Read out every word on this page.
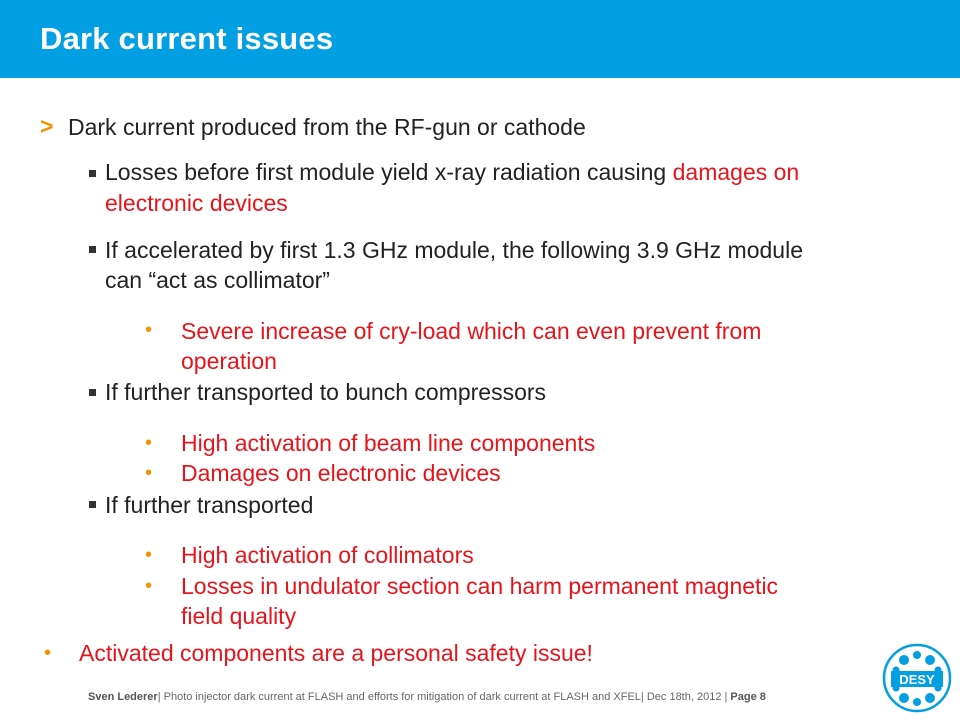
Dark current issues
> Dark current produced from the RF-gun or cathode
Losses before first module yield x-ray radiation causing damages on
electronic devices
If accelerated by first 1.3 GHz module, the following 3.9 GHz module
can “act as collimator”
• Severe increase of cry-load which can even prevent from
operation
If further transported to bunch compressors
• High activation of beam line components
• Damages on electronic devices
If further transported
• High activation of collimators
• Losses in undulator section can harm permanent magnetic
field quality
• Activated components are a personal safety issue!
Sven Lederer| Photo injector dark current at FLASH and efforts for mitigation of dark current at FLASH and XFEL| Dec 18th, 2012 | Page 8
DESY
